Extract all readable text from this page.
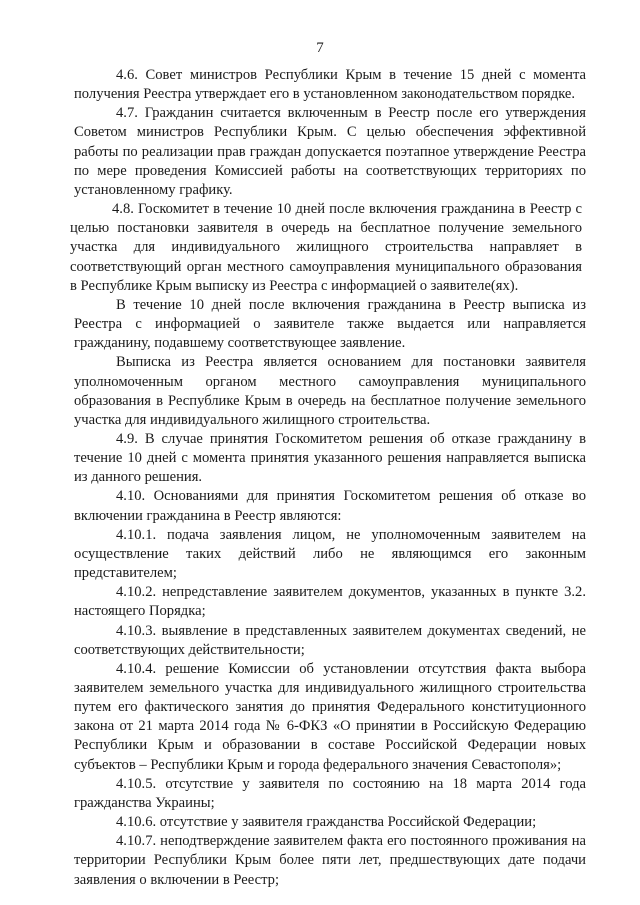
7

4.6. Совет министров Республики Крым в течение 15 дней с момента получения Реестра утверждает его в установленном законодательством порядке.

4.7. Гражданин считается включенным в Реестр после его утверждения Советом министров Республики Крым. С целью обеспечения эффективной работы по реализации прав граждан допускается поэтапное утверждение Реестра по мере проведения Комиссией работы на соответствующих территориях по установленному графику.

4.8. Госкомитет в течение 10 дней после включения гражданина в Реестр с целью постановки заявителя в очередь на бесплатное получение земельного участка для индивидуального жилищного строительства направляет в соответствующий орган местного самоуправления муниципального образования в Республике Крым выписку из Реестра с информацией о заявителе(ях).

В течение 10 дней после включения гражданина в Реестр выписка из Реестра с информацией о заявителе также выдается или направляется гражданину, подавшему соответствующее заявление.

Выписка из Реестра является основанием для постановки заявителя уполномоченным органом местного самоуправления муниципального образования в Республике Крым в очередь на бесплатное получение земельного участка для индивидуального жилищного строительства.

4.9. В случае принятия Госкомитетом решения об отказе гражданину в течение 10 дней с момента принятия указанного решения направляется выписка из данного решения.

4.10. Основаниями для принятия Госкомитетом решения об отказе во включении гражданина в Реестр являются:

4.10.1. подача заявления лицом, не уполномоченным заявителем на осуществление таких действий либо не являющимся его законным представителем;

4.10.2. непредставление заявителем документов, указанных в пункте 3.2. настоящего Порядка;

4.10.3. выявление в представленных заявителем документах сведений, не соответствующих действительности;

4.10.4. решение Комиссии об установлении отсутствия факта выбора заявителем земельного участка для индивидуального жилищного строительства путем его фактического занятия до принятия Федерального конституционного закона от 21 марта 2014 года № 6-ФКЗ «О принятии в Российскую Федерацию Республики Крым и образовании в составе Российской Федерации новых субъектов – Республики Крым и города федерального значения Севастополя»;

4.10.5. отсутствие у заявителя по состоянию на 18 марта 2014 года гражданства Украины;

4.10.6. отсутствие у заявителя гражданства Российской Федерации;

4.10.7. неподтверждение заявителем факта его постоянного проживания на территории Республики Крым более пяти лет, предшествующих дате подачи заявления о включении в Реестр;
